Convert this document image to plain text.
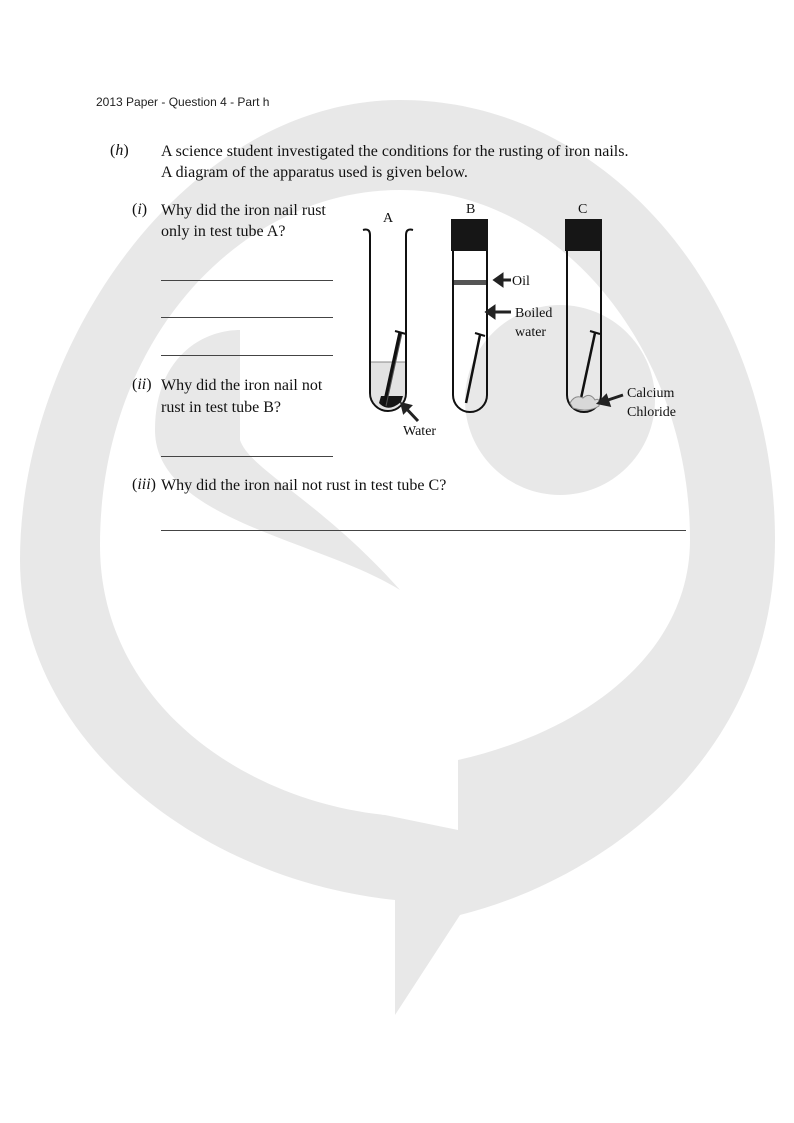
2013 Paper - Question 4 - Part h
(h) A science student investigated the conditions for the rusting of iron nails.
A diagram of the apparatus used is given below.
(i) Why did the iron nail rust
only in test tube A?
(ii) Why did the iron nail not
rust in test tube B?
(iii) Why did the iron nail not rust in test tube C?
A
B
Oil
Boiled
water
C
Calcium
Chloride
Water
